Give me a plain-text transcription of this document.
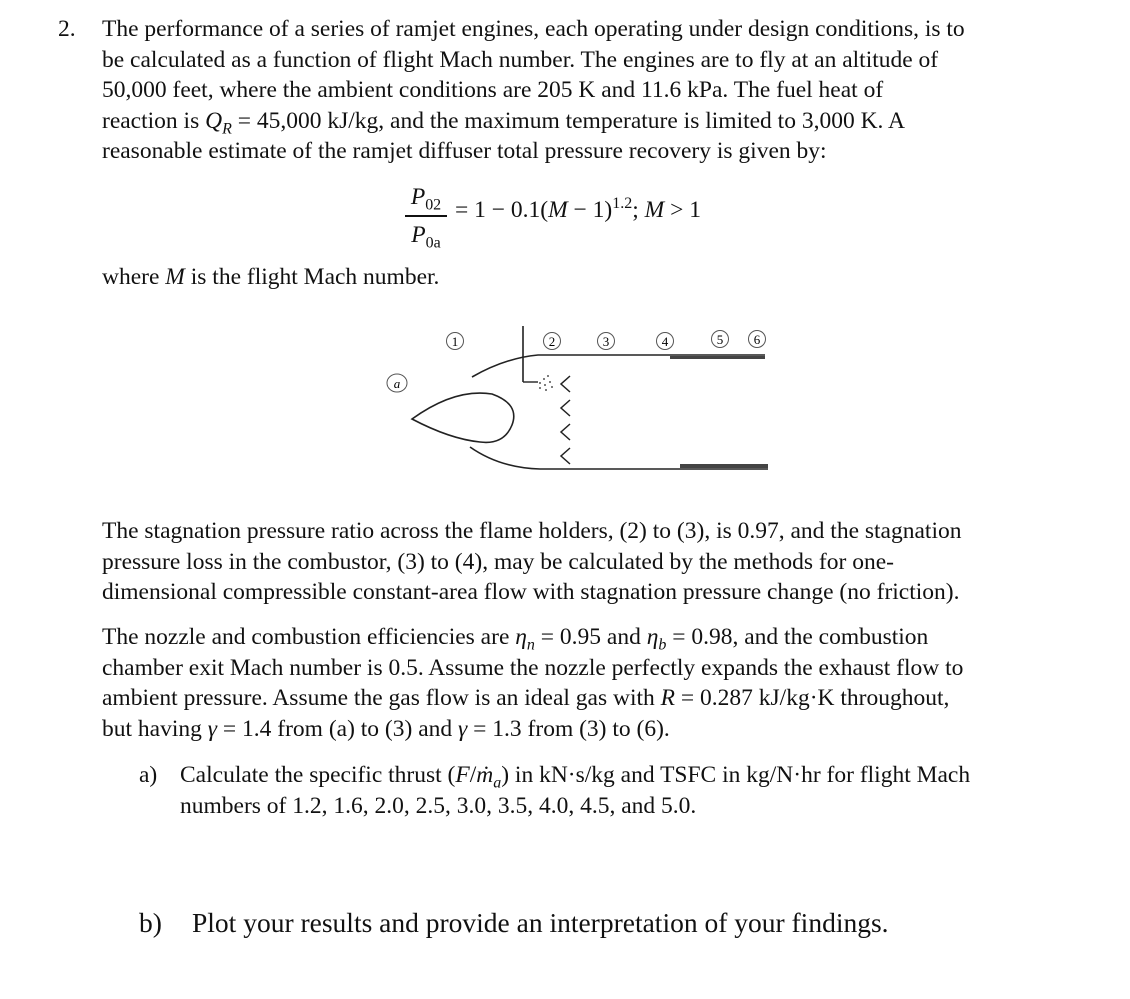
2. The performance of a series of ramjet engines, each operating under design conditions, is to
be calculated as a function of flight Mach number. The engines are to fly at an altitude of
50,000 feet, where the ambient conditions are 205 K and 11.6 kPa. The fuel heat of
reaction is $Q_R = 45,000$ kJ/kg, and the maximum temperature is limited to 3,000 K. A
reasonable estimate of the ramjet diffuser total pressure recovery is given by:
$P_{02}$
$P_{0a}$
= $1 - 0.1(M - 1)^{1.2}$; M > 1
where M is the flight Mach number.
a
1	2	3	4	5 6
The stagnation pressure ratio across the flame holders, (2) to (3), is 0.97, and the stagnation
pressure loss in the combustor, (3) to (4), may be calculated by the methods for one-
dimensional compressible constant-area flow with stagnation pressure change (no friction).
The nozzle and combustion efficiencies are $\eta_n = 0.95$ and $\eta_b = 0.98$, and the combustion
chamber exit Mach number is 0.5. Assume the nozzle perfectly expands the exhaust flow to
ambient pressure. Assume the gas flow is an ideal gas with R = 0.287 kJ/kg·K throughout,
but having γ = 1.4 from (a) to (3) and γ = 1.3 from (3) to (6).
a) Calculate the specific thrust (F/ṁ$_a$) in kN·s/kg and TSFC in kg/N·hr for flight Mach
numbers of 1.2, 1.6, 2.0, 2.5, 3.0, 3.5, 4.0, 4.5, and 5.0.
b) Plot your results and provide an interpretation of your findings.
